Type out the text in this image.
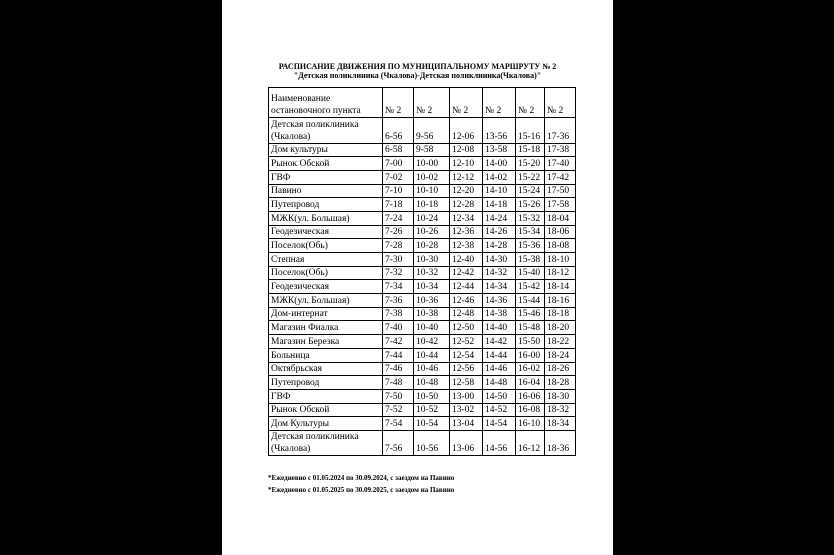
РАСПИСАНИЕ ДВИЖЕНИЯ ПО МУНИЦИПАЛЬНОМУ МАРШРУТУ № 2
"Детская поликлиника (Чкалова)-Детская поликлиника(Чкалова)"
Наименование остановочного пункта	№ 2	№ 2	№ 2	№ 2	№ 2	№ 2
Детская поликлиника (Чкалова)	6-56	9-56	12-06	13-56	15-16	17-36
Дом культуры	6-58	9-58	12-08	13-58	15-18	17-38
Рынок Обской	7-00	10-00	12-10	14-00	15-20	17-40
ГВФ	7-02	10-02	12-12	14-02	15-22	17-42
Павино	7-10	10-10	12-20	14-10	15-24	17-50
Путепровод	7-18	10-18	12-28	14-18	15-26	17-58
МЖК(ул. Большая)	7-24	10-24	12-34	14-24	15-32	18-04
Геодезическая	7-26	10-26	12-36	14-26	15-34	18-06
Поселок(Обь)	7-28	10-28	12-38	14-28	15-36	18-08
Степная	7-30	10-30	12-40	14-30	15-38	18-10
Поселок(Обь)	7-32	10-32	12-42	14-32	15-40	18-12
Геодезическая	7-34	10-34	12-44	14-34	15-42	18-14
МЖК(ул. Большая)	7-36	10-36	12-46	14-36	15-44	18-16
Дом-интернат	7-38	10-38	12-48	14-38	15-46	18-18
Магазин Фиалка	7-40	10-40	12-50	14-40	15-48	18-20
Магазин Березка	7-42	10-42	12-52	14-42	15-50	18-22
Больница	7-44	10-44	12-54	14-44	16-00	18-24
Октябрьская	7-46	10-46	12-56	14-46	16-02	18-26
Путепровод	7-48	10-48	12-58	14-48	16-04	18-28
ГВФ	7-50	10-50	13-00	14-50	16-06	18-30
Рынок Обской	7-52	10-52	13-02	14-52	16-08	18-32
Дом Культуры	7-54	10-54	13-04	14-54	16-10	18-34
Детская поликлиника (Чкалова)	7-56	10-56	13-06	14-56	16-12	18-36
*Ежедневно с 01.05.2024 по 30.09.2024, с заездом на Павино
*Ежедневно с 01.05.2025 по 30.09.2025, с заездом на Павино
